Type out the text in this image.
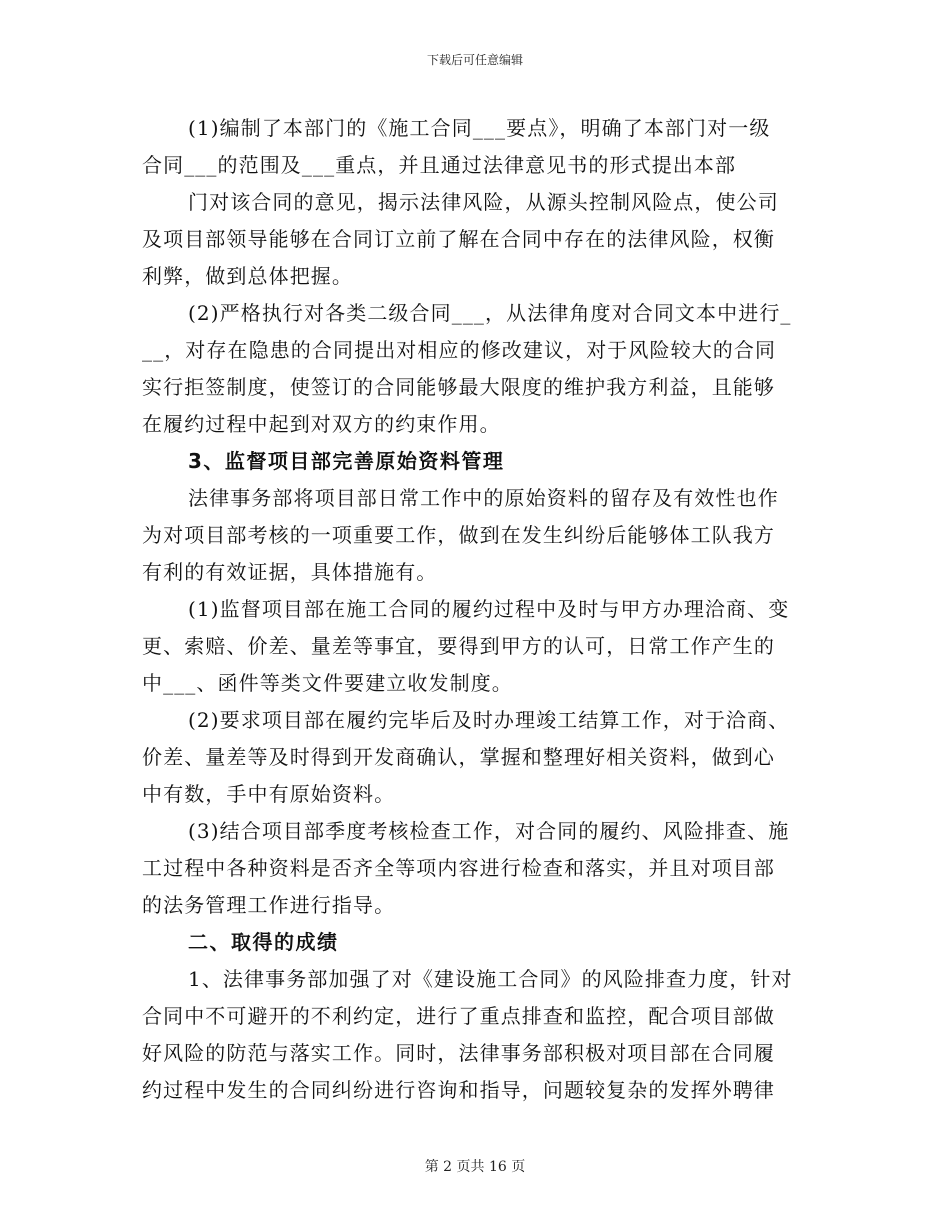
下载后可任意编辑
(1)编制了本部门的《施工合同___要点》，明确了本部门对一级
合同___的范围及___重点，并且通过法律意见书的形式提出本部
门对该合同的意见，揭示法律风险，从源头控制风险点，使公司
及项目部领导能够在合同订立前了解在合同中存在的法律风险，权衡
利弊，做到总体把握。
(2)严格执行对各类二级合同___，从法律角度对合同文本中进行_
__，对存在隐患的合同提出对相应的修改建议，对于风险较大的合同
实行拒签制度，使签订的合同能够最大限度的维护我方利益，且能够
在履约过程中起到对双方的约束作用。
3、监督项目部完善原始资料管理
法律事务部将项目部日常工作中的原始资料的留存及有效性也作
为对项目部考核的一项重要工作，做到在发生纠纷后能够体工队我方
有利的有效证据，具体措施有。
(1)监督项目部在施工合同的履约过程中及时与甲方办理洽商、变
更、索赔、价差、量差等事宜，要得到甲方的认可，日常工作产生的
中___、函件等类文件要建立收发制度。
(2)要求项目部在履约完毕后及时办理竣工结算工作，对于洽商、
价差、量差等及时得到开发商确认，掌握和整理好相关资料，做到心
中有数，手中有原始资料。
(3)结合项目部季度考核检查工作，对合同的履约、风险排查、施
工过程中各种资料是否齐全等项内容进行检查和落实，并且对项目部
的法务管理工作进行指导。
二、取得的成绩
1、法律事务部加强了对《建设施工合同》的风险排查力度，针对
合同中不可避开的不利约定，进行了重点排查和监控，配合项目部做
好风险的防范与落实工作。同时，法律事务部积极对项目部在合同履
约过程中发生的合同纠纷进行咨询和指导，问题较复杂的发挥外聘律
第 2 页共 16 页
